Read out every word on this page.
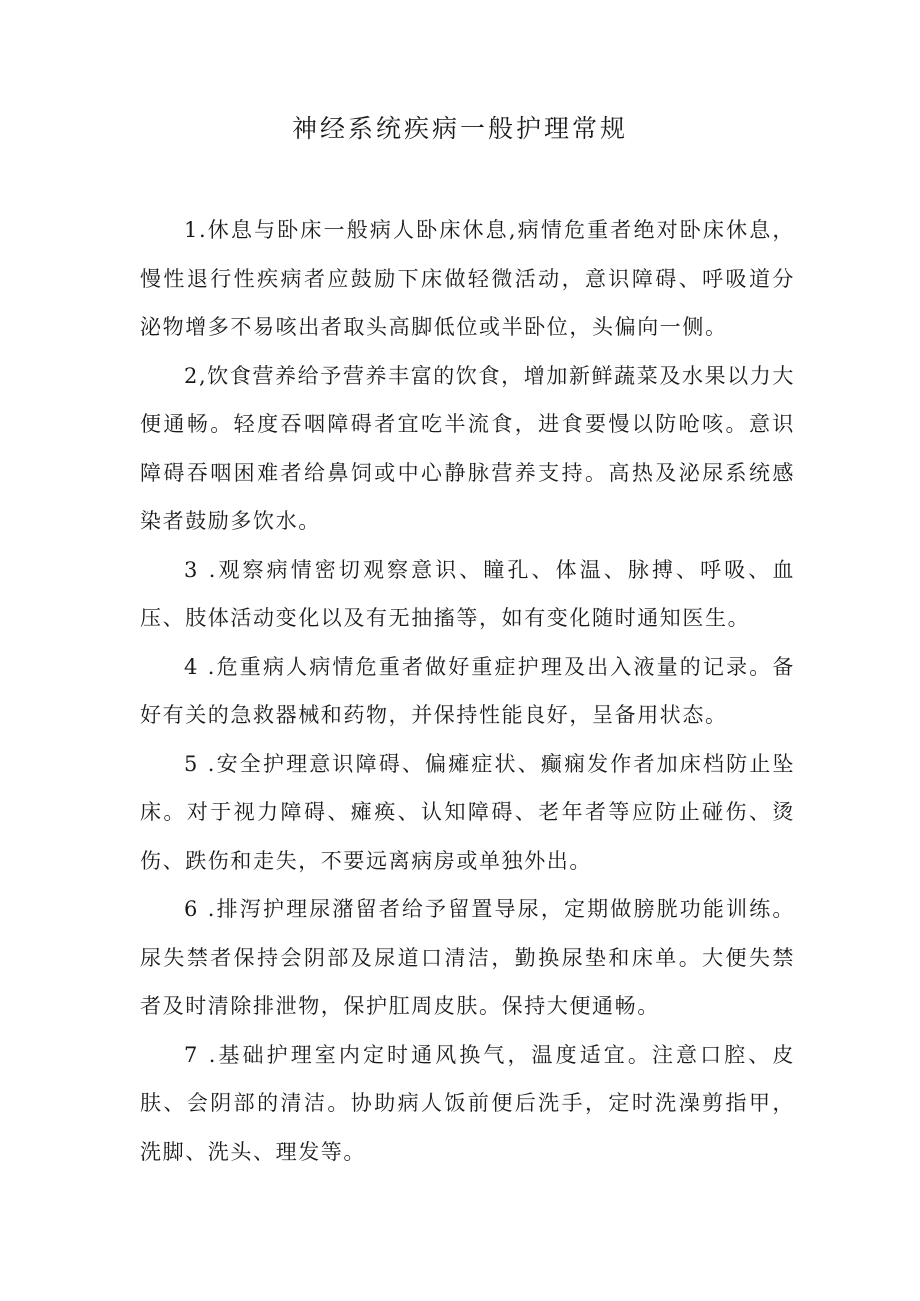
神经系统疾病一般护理常规

1.休息与卧床一般病人卧床休息,病情危重者绝对卧床休息，慢性退行性疾病者应鼓励下床做轻微活动，意识障碍、呼吸道分泌物增多不易咳出者取头高脚低位或半卧位，头偏向一侧。

2,饮食营养给予营养丰富的饮食，增加新鲜蔬菜及水果以力大便通畅。轻度吞咽障碍者宜吃半流食，进食要慢以防呛咳。意识障碍吞咽困难者给鼻饲或中心静脉营养支持。高热及泌尿系统感染者鼓励多饮水。

3 .观察病情密切观察意识、瞳孔、体温、脉搏、呼吸、血压、肢体活动变化以及有无抽搐等，如有变化随时通知医生。

4 .危重病人病情危重者做好重症护理及出入液量的记录。备好有关的急救器械和药物，并保持性能良好，呈备用状态。

5 .安全护理意识障碍、偏瘫症状、癫痫发作者加床档防止坠床。对于视力障碍、瘫痪、认知障碍、老年者等应防止碰伤、烫伤、跌伤和走失，不要远离病房或单独外出。

6 .排泻护理尿潴留者给予留置导尿，定期做膀胱功能训练。尿失禁者保持会阴部及尿道口清洁，勤换尿垫和床单。大便失禁者及时清除排泄物，保护肛周皮肤。保持大便通畅。

7 .基础护理室内定时通风换气，温度适宜。注意口腔、皮肤、会阴部的清洁。协助病人饭前便后洗手，定时洗澡剪指甲，洗脚、洗头、理发等。
